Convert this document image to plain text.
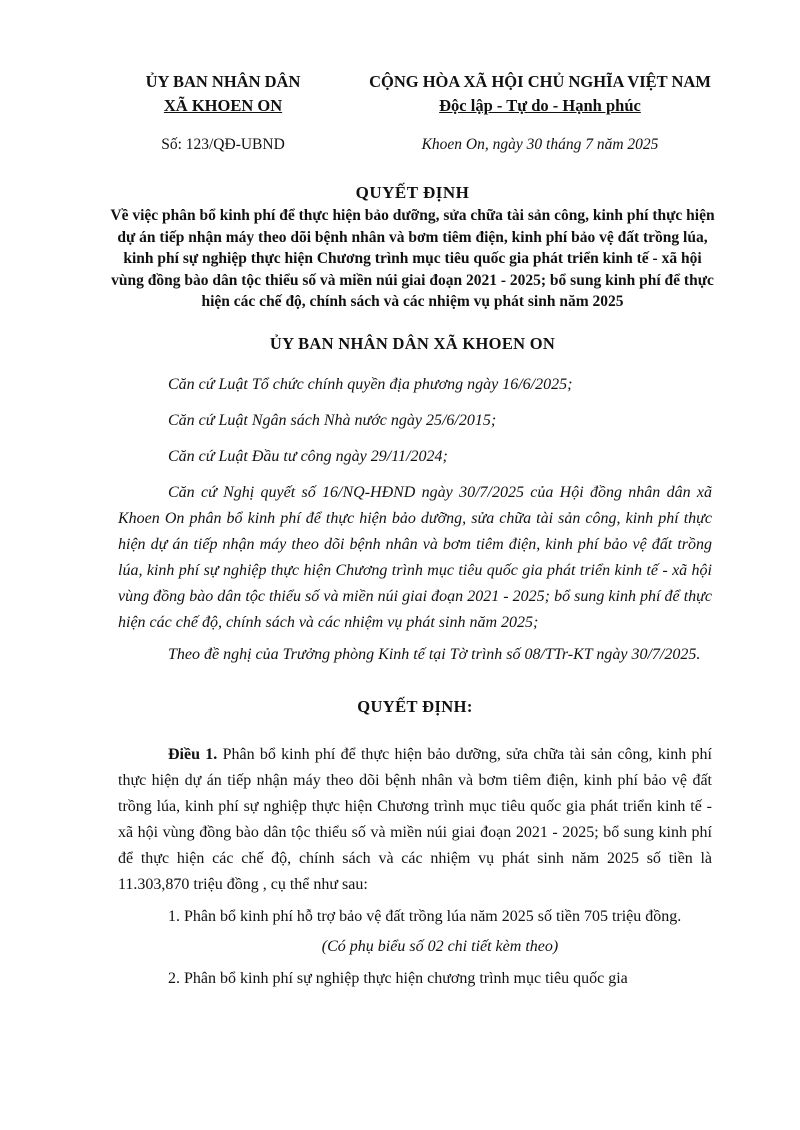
ỦY BAN NHÂN DÂN
XÃ KHOEN ON
CỘNG HÒA XÃ HỘI CHỦ NGHĨA VIỆT NAM
Độc lập - Tự do - Hạnh phúc
Số: 123/QĐ-UBND	Khoen On, ngày 30 tháng 7 năm 2025
QUYẾT ĐỊNH
Về việc phân bổ kinh phí để thực hiện bảo dưỡng, sửa chữa tài sản công, kinh phí thực hiện dự án tiếp nhận máy theo dõi bệnh nhân và bơm tiêm điện, kinh phí bảo vệ đất trồng lúa, kinh phí sự nghiệp thực hiện Chương trình mục tiêu quốc gia phát triển kinh tế - xã hội vùng đồng bào dân tộc thiểu số và miền núi giai đoạn 2021 - 2025; bổ sung kinh phí để thực hiện các chế độ, chính sách và các nhiệm vụ phát sinh năm 2025
ỦY BAN NHÂN DÂN XÃ KHOEN ON

Căn cứ Luật Tổ chức chính quyền địa phương ngày 16/6/2025;

Căn cứ Luật Ngân sách Nhà nước ngày 25/6/2015;

Căn cứ Luật Đầu tư công ngày 29/11/2024;

Căn cứ Nghị quyết số 16/NQ-HĐND ngày 30/7/2025 của Hội đồng nhân dân xã Khoen On phân bổ kinh phí để thực hiện bảo dưỡng, sửa chữa tài sản công, kinh phí thực hiện dự án tiếp nhận máy theo dõi bệnh nhân và bơm tiêm điện, kinh phí bảo vệ đất trồng lúa, kinh phí sự nghiệp thực hiện Chương trình mục tiêu quốc gia phát triển kinh tế - xã hội vùng đồng bào dân tộc thiểu số và miền núi giai đoạn 2021 - 2025; bổ sung kinh phí để thực hiện các chế độ, chính sách và các nhiệm vụ phát sinh năm 2025;

Theo đề nghị của Trưởng phòng Kinh tế tại Tờ trình số 08/TTr-KT ngày 30/7/2025.

QUYẾT ĐỊNH:

Điều 1. Phân bổ kinh phí để thực hiện bảo dưỡng, sửa chữa tài sản công, kinh phí thực hiện dự án tiếp nhận máy theo dõi bệnh nhân và bơm tiêm điện, kinh phí bảo vệ đất trồng lúa, kinh phí sự nghiệp thực hiện Chương trình mục tiêu quốc gia phát triển kinh tế - xã hội vùng đồng bào dân tộc thiểu số và miền núi giai đoạn 2021 - 2025; bổ sung kinh phí để thực hiện các chế độ, chính sách và các nhiệm vụ phát sinh năm 2025 số tiền là 11.303,870 triệu đồng , cụ thể như sau:

1. Phân bổ kinh phí hỗ trợ bảo vệ đất trồng lúa năm 2025 số tiền 705 triệu đồng.

(Có phụ biểu số 02 chi tiết kèm theo)

2. Phân bổ kinh phí sự nghiệp thực hiện chương trình mục tiêu quốc gia
